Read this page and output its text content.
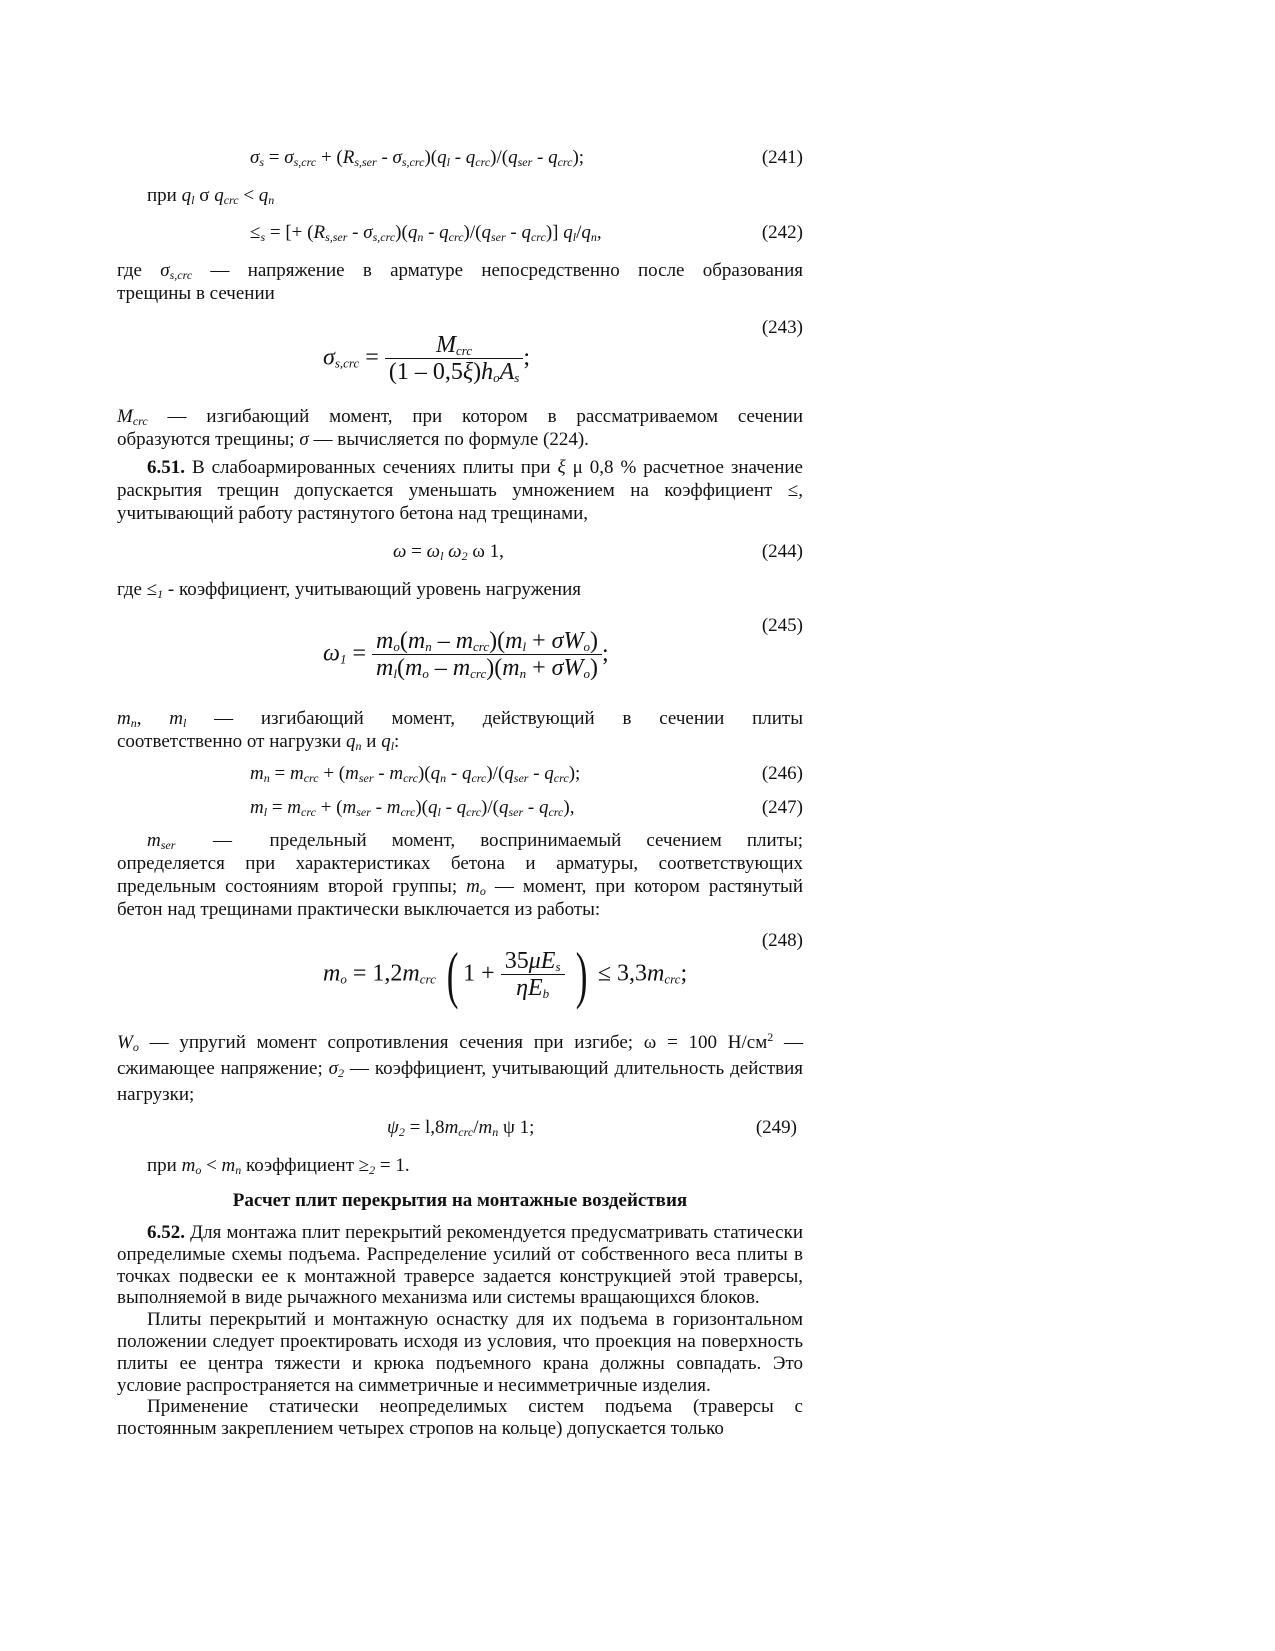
$\sigma_s = \sigma_{s,crc} + (R_{s,ser} - \sigma_{s,crc})(q_l - q_{crc})/(q_{ser} - q_{crc})$;	(241)
при $q_l$ σ $q_{crc} < q_n$
$\le_s$ = [+ $(R_{s,ser} - \sigma_{s,crc})(q_n - q_{crc})/(q_{ser} - q_{crc})$] $q_l/q_n$,	(242)

где  $\sigma_{s,crc}$  —  напряжение  в  арматуре  непосредственно  после  образования трещины в сечении

(243)
$\sigma_{s,crc} = \frac{M_{crc}}{(1 - 0,5\xi)h_oA_s}$ ;

$M_{crc}$  —  изгибающий  момент,  при  котором  в  рассматриваемом  сечении образуются трещины; σ — вычисляется по формуле (224).

6.51. В слабоармированных сечениях плиты при ξ μ 0,8 % расчетное значение раскрытия трещин допускается уменьшать умножением на коэффициент ≤, учитывающий работу растянутого бетона над трещинами,

$\omega = \omega_l$ $\omega_2$ ω 1,	(244)
где $\le_1$ - коэффициент, учитывающий уровень нагружения
(245)
$\omega_1 = \frac{m_o(m_n - m_{crc})(m_l + \sigma W_o)}{m_l(m_o - m_{crc})(m_n + \sigma W_o)}$ ;

$m_n$,   $m_l$   —   изгибающий   момент,   действующий   в   сечении   плиты соответственно от нагрузки $q_n$ и $q_l$:

$m_n = m_{crc} + (m_{ser} - m_{crc})(q_n - q_{crc})/(q_{ser} - q_{crc})$;	(246)
$m_l = m_{crc} + (m_{ser} - m_{crc})(q_l - q_{crc})/(q_{ser} - q_{crc})$,	(247)

$m_{ser}$   —   предельный  момент,  воспринимаемый  сечением  плиты; определяется при характеристиках бетона и арматуры, соответствующих предельным состояниям второй группы; $m_o$ — момент, при котором растянутый бетон над трещинами практически выключается из работы:

(248)
$m_o = 1,2m_{crc}$ ( $1 + \frac{35\mu E_s}{\eta E_b}$ ) ≤ $3,3m_{crc}$;

$W_o$ — упругий момент сопротивления сечения при изгибе; ω = 100 $Н/см^2$ — сжимающее напряжение; $\sigma_2$ — коэффициент, учитывающий длительность действия нагрузки;

$\psi_2 = l,8m_{crc}/m_n$ ψ 1;	(249)
при $m_o < m_n$ коэффициент $\ge_2 = 1$.
Расчет плит перекрытия на монтажные воздействия

6.52. Для монтажа плит перекрытий рекомендуется предусматривать статически определимые схемы подъема. Распределение усилий от собственного веса плиты в точках подвески ее к монтажной траверсе задается конструкцией этой траверсы, выполняемой в виде рычажного механизма или системы вращающихся блоков.

Плиты перекрытий и монтажную оснастку для их подъема в горизонтальном положении следует проектировать исходя из условия, что проекция на поверхность плиты ее центра тяжести и крюка подъемного крана должны совпадать. Это условие распространяется на симметричные и несимметричные изделия.

Применение статически неопределимых систем подъема (траверсы с постоянным закреплением четырех стропов на кольце) допускается только
